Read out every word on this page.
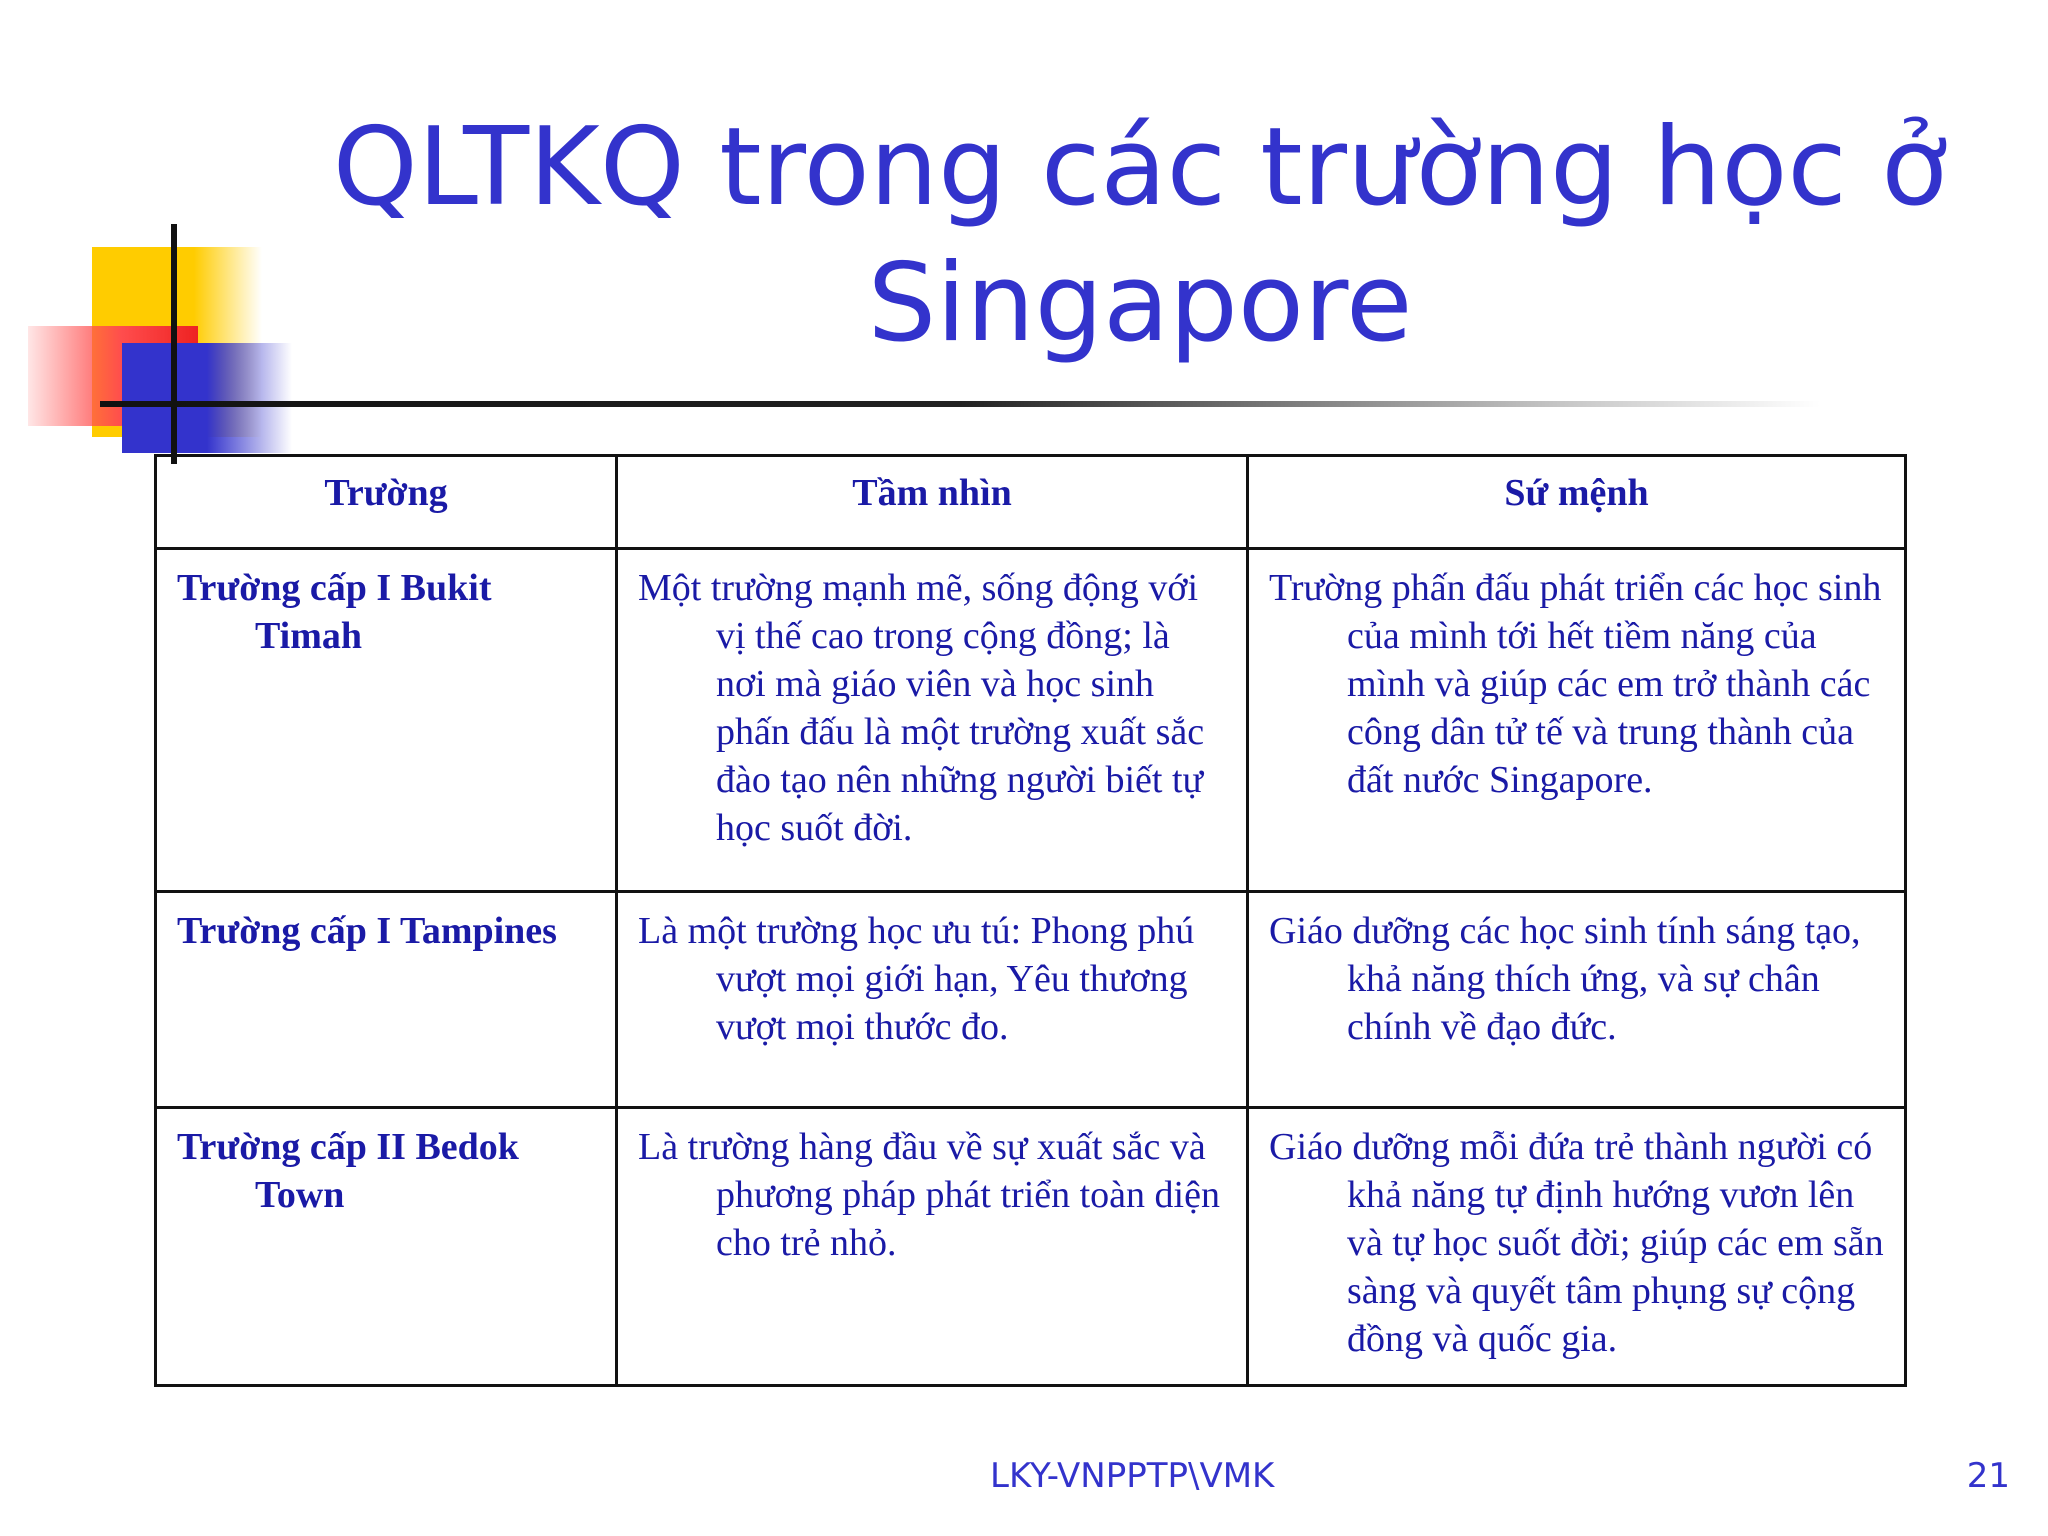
QLTKQ trong các trường học ở
Singapore
Trường	Tầm nhìn	Sứ mệnh

Trường cấp I Bukit Timah	Một trường mạnh mẽ, sống động với vị thế cao trong cộng đồng; là nơi mà giáo viên và học sinh phấn đấu là một trường xuất sắc đào tạo nên những người biết tự học suốt đời.	Trường phấn đấu phát triển các học sinh của mình tới hết tiềm năng của mình và giúp các em trở thành các công dân tử tế và trung thành của đất nước Singapore.

Trường cấp I Tampines	Là một trường học ưu tú: Phong phú vượt mọi giới hạn, Yêu thương vượt mọi thước đo.	Giáo dưỡng các học sinh tính sáng tạo, khả năng thích ứng, và sự chân chính về đạo đức.

Trường cấp II Bedok Town	Là trường hàng đầu về sự xuất sắc và phương pháp phát triển toàn diện cho trẻ nhỏ.	Giáo dưỡng mỗi đứa trẻ thành người có khả năng tự định hướng vươn lên và tự học suốt đời; giúp các em sẵn sàng và quyết tâm phụng sự cộng đồng và quốc gia.

LKY-VNPPTP\VMK	21
